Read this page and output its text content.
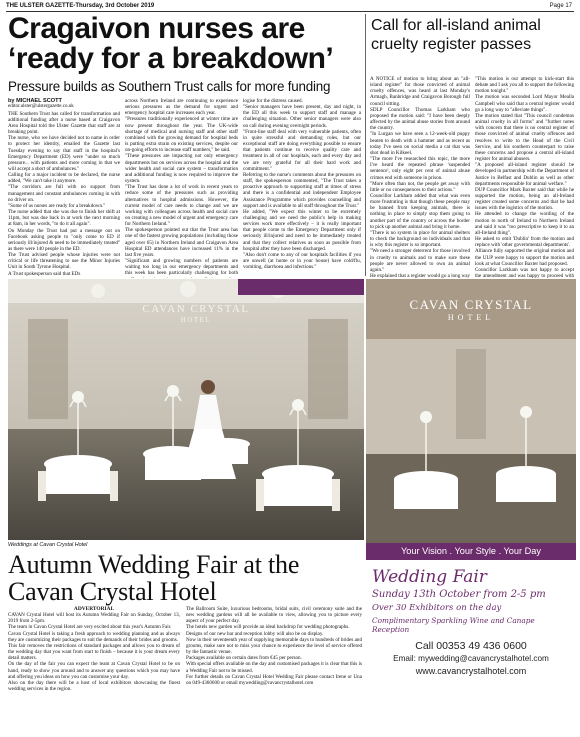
THE ULSTER GAZETTE-Thursday, 3rd October 2019	Page 17
Cragaivon nurses are ‘ready for a breakdown’
Pressure builds as Southern Trust calls for more funding
by MICHAEL SCOTT
editor.ulster@ulstergazette.co.uk

THE Southern Trust has called for transformation and additional funding after a nurse based at Craigavon Area Hospital told the Ulster Gazette that staff are at breaking point.

The nurse, who we have decided not to name in order to protect her identity, emailed the Gazette last Tuesday evening to say that staff in the hospital's Emergency Department (ED) were "under so much pressure... with patients and more coming in that we will accept a short of ambulances."

Calling for a major incident to be declared, the nurse added, "We can't take it anymore.

"The corridors are full with no support from management and constant ambulances coming in with no driver on.

"Some of us nurses are ready for a breakdown."

The nurse added that she was due to finish her shift at 11pm, but was due back in at work the next morning at 8am, in her words, "to do it all again".

On Monday the Trust had put a message out on Facebook asking people to "only come to ED if seriously ill/injured & need to be immediately treated" as there were 140 people in the ED.

The Trust advised people whose injuries were not critical or life threatening to use the Minor Injuries Unit in South Tyrone Hospital.

A Trust spokesperson said that EDs

across Northern Ireland are continuing to experience serious pressures as the demand for urgent and emergency hospital care increases each year.

"Pressures traditionally experienced at winter time are now present throughout the year. The UK-wide shortage of medical and nursing staff and other staff combined with the growing demand for hospital beds is putting extra strain on existing services, despite our on-going efforts to increase staff numbers," he said.

"These pressures are impacting not only emergency departments but on services across the hospital and the wider health and social care system – transformation and additional funding is now required to improve the system.

"The Trust has done a lot of work in recent years to reduce some of the pressures such as providing alternatives to hospital admissions. However, the current model of care needs to change and we are working with colleagues across health and social care on creating a new model of urgent and emergency care for Northern Ireland."

The spokesperson pointed out that the Trust area has one of the fastest growing populations (including those aged over 65) in Northern Ireland and Craigavon Area Hospital ED attendances have increased 11% in the last five years.

"Significant and growing numbers of patients are waiting too long in our emergency departments and this week has been particularly challenging for both

logise for the distress caused.

"Senior managers have been present, day and night, in the ED all this week to support staff and manage a challenging situation. Other senior managers were also on call during evening overnight periods.

"Front-line staff deal with very vulnerable patients, often in quite stressful and demanding roles, but our exceptional staff are doing everything possible to ensure that patients continue to receive quality care and treatment in all of our hospitals, each and every day and we are very grateful for all their hard work and commitment."

Referring to the nurse's comments about the pressures on staff, the spokesperson commented, "The Trust takes a proactive approach to supporting staff at times of stress and there is a confidential and independent Employee Assistance Programme which provides counselling and support and is available to all staff throughout the Trust."

He added, "We expect this winter to be extremely challenging and we need the public's help in making services work more effectively – it is really important that people come to the Emergency Department only if seriously ill/injured and need to be immediately treated and that they collect relatives as soon as possible from hospital after they have been discharged.

"Also don't come to any of our hospitals facilities if you are unwell (at home or in your house) have cold/flu, vomiting, diarrhoea and infections."

Call for all-island animal cruelty register passes

A NOTICE of motion to bring about an "all-island register" for those convicted of animal cruelty offences, was heard at last Monday's Armagh, Banbridge and Craigavon Borough full council sitting.

SDLP Councillor Thomas Larkham who proposed the motion said: "I have been deeply affected by the animal abuse stories from around the country.

"In Lurgan we have seen a 12-week-old puppy beaten to death with a hammer and as recent as today I've seen on social media a cat that was shot dead in Kilkeel.

"The more I've researched this topic, the more I've heard the repeated phrase 'suspended sentence', only eight per cent of animal abuse crimes end with someone in prison.

"More often than not, the people get away with little or no consequences to their actions."

Councillor Larkham added that what was even more frustrating is that though these people may be banned from keeping animals, there is nothing in place to simply stop them going to another part of the country or across the border to pick up another animal and bring it home.

"There is no system in place for animal shelters to check the background on individuals and that is why this register is so important.

"We need a stronger deterrent for those involved in cruelty to animals and to make sure these people are never allowed to own an animal again."

He explained that a register would go a long way

"This motion is our attempt to kick-start this debate and I ask you all to support the following motion tonight."

The motion was seconded Lord Mayor Mealla Campbell who said that a central register would go a long way to "alleviate things".

The motion stated that "This council condemns animal cruelty in all forms" and "further notes with concern that there is no central register of those convicted of animal cruelty offences and resolves to write to the Head of the Civil Service, and his southern counterpart to raise these concerns and propose a central all-island register for animal abusers.

"A proposed all-island register should be developed in partnership with the Department of Justice in Belfast and Dublin as well as other departments responsible for animal welfare."

DUP Councillor Mark Baxter said that while he supported the motion, being an all-Ireland register created some concerns and that he had issues with the logistics of the motion.

He attended to change the wording of the motion to north of Ireland to Northern Ireland and said it was "too prescriptive to keep it to an all-Ireland thing".

He asked to omit 'Dublin' from the motion and replace with 'other governmental departments'.

Alliance fully supported the original motion and the UUP were happy to support the motion and look at what Councillor Baxter had proposed.

Councillor Larkham was not happy to accept the amendment and was happy to proceed with

CAVAN CRYSTAL
HOTEL
CAVAN CRYSTAL
HOTEL
Weddings at Cavan Crystal Hotel
Autumn Wedding Fair at the Cavan Crystal Hotel
ADVERTORIAL

CAVAN Crystal Hotel will host its Autumn Wedding Fair on Sunday, October 13, 2019 from 2-5pm.

The team in Cavan Crystal Hotel are very excited about this year's Autumn Fair.

Cavan Crystal Hotel is taking a fresh approach to wedding planning and as always they are customizing their packages to suit the demands of their brides and grooms.

This fair removes the restrictions of standard packages and allows you to dream of the wedding day that you want from start to finish – because it is your dream every detail matters.

On the day of the fair you can expect the team at Cavan Crystal Hotel to be on hand, ready to show you around and to answer any questions which you may have and offering you ideas on how you can customise your day.

Also on the day there will be a host of local exhibitors showcasing the finest wedding services in the region.

The Ballroom Suite, luxurious bedrooms, bridal suits, civil ceremony suite and the new wedding gardens will all be available to view, allowing you to picture every aspect of your perfect day.

The hotels new garden will provide an ideal backdrop for wedding photographs.

Designs of our new bar and reception lobby will also be on display.

Now in their seventeenth year of supplying memorable days to hundreds of brides and grooms, make sure not to miss your chance to experience the level of service offered by the fantastic venue.

Packages available on certain dates from €45 per person.

With special offers available on the day and customised packages it is clear that this is a Wedding Fair not to be missed.

For further details on Cavan Crystal Hotel Wedding Fair please contact Irene or Una on 049-4360600 or email mywedding@cavancrystalhotel.com

Your Vision . Your Style . Your Day
Wedding Fair
Sunday 13th October from 2-5 pm
Over 30 Exhibitors on the day
Complimentary Sparkling Wine and Canape Reception
Call 00353 49 436 0600
Email: mywedding@cavancrystalhotel.com
www.cavancrystalhotel.com
